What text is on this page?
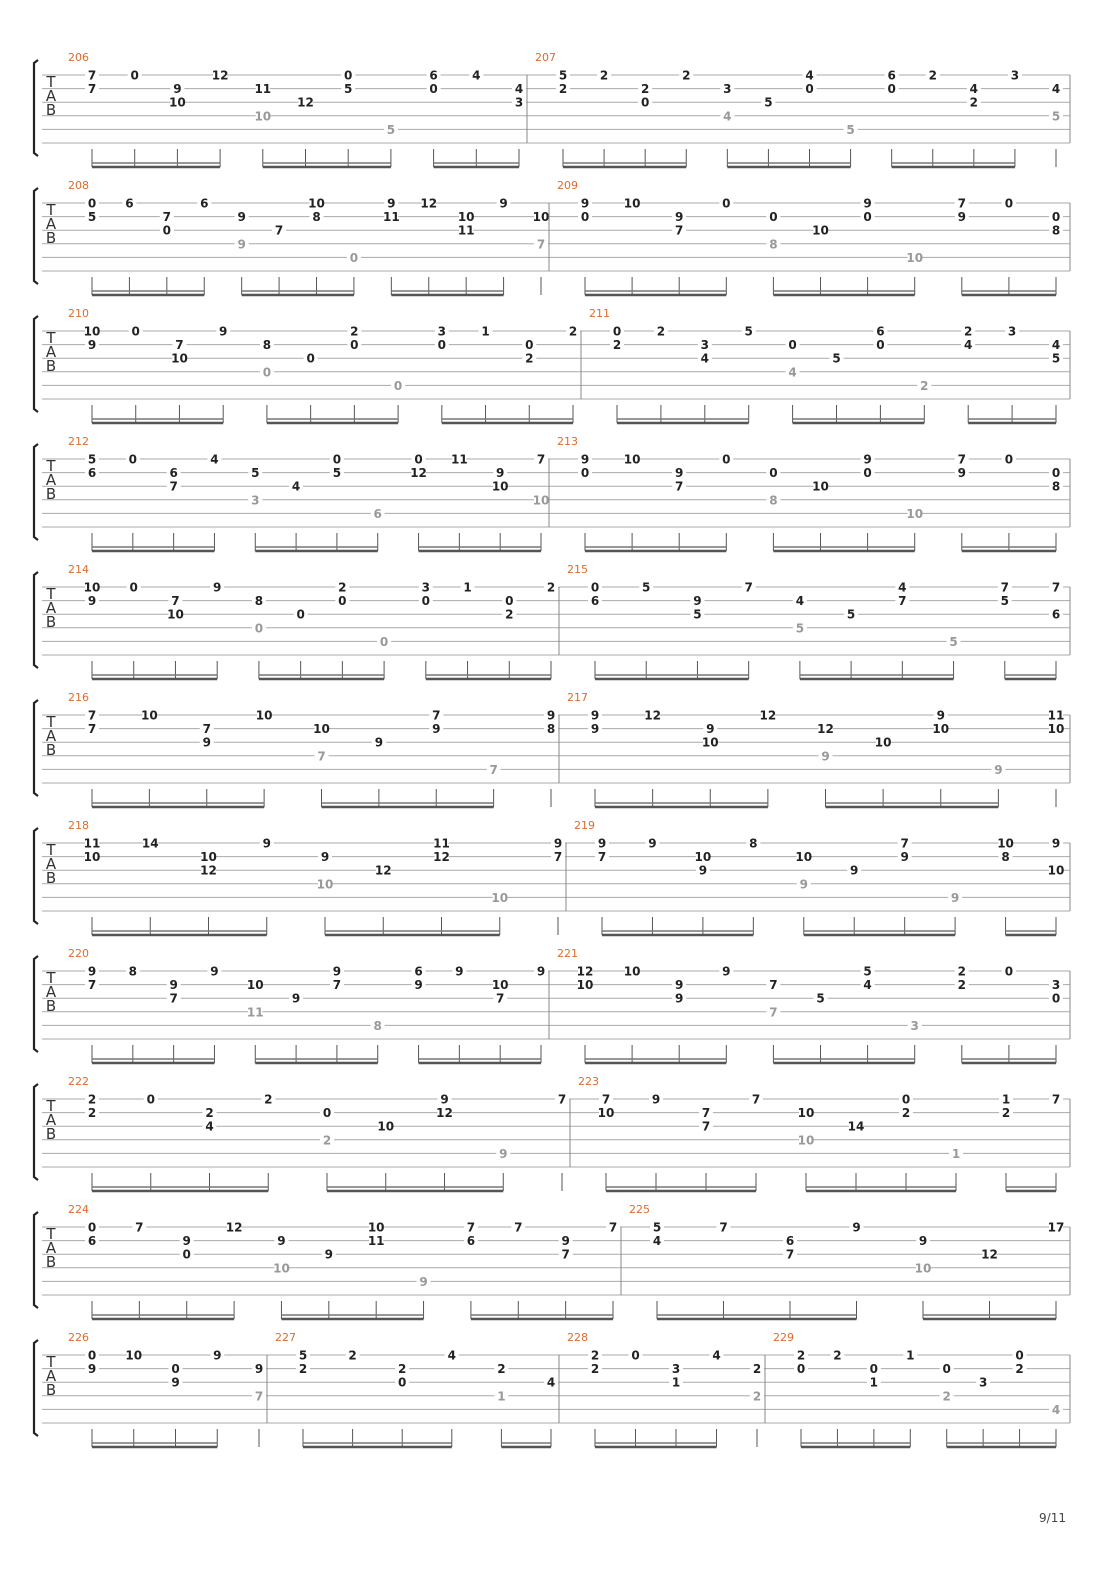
T
A
B
206
7
7
0
10
9
12
10
11
12
0
5
5
6
0
4
3
4
207
5
2
2
0
2
2
4
3
5
4
0
5
6
0
2
2
4
3
5
4
T
A
B
208
0
5
6
0
7
6
9
9
7
10
8
0
9
11
12
11
10
9
7
10
209
9
0
10
7
9
0
8
0
10
9
0
10
7
9
0
8
0
T
A
B
210
10
9
0
10
7
9
0
8
0
2
0
0
3
0
1
2
0
2
211
0
2
2
4
3
5
4
0
5
6
0
2
2
4
3
5
4
T
A
B
212
5
6
0
7
6
4
3
5
4
0
5
6
0
12
11
10
9
7
10
213
9
0
10
7
9
0
8
0
10
9
0
10
7
9
0
8
0
T
A
B
214
10
9
0
10
7
9
0
8
0
2
0
0
3
0
1
2
0
2
215
0
6
5
5
9
7
5
4
5
4
7
5
7
5
7
6
T
A
B
216
7
7
10
9
7
10
7
10
9
7
9
7
9
8
217
9
9
12
10
9
12
9
12
10
9
10
9
11
10
T
A
B
218
11
10
14
12
10
9
10
9
12
11
12
10
9
7
219
9
7
9
9
10
8
9
10
9
7
9
9
10
8
9
10
T
A
B
220
9
7
8
7
9
9
11
10
9
9
7
8
6
9
9
7
10
9
221
12
10
10
9
9
9
7
7
5
5
4
3
2
2
0
0
3
T
A
B
222
2
2
0
4
2
2
2
0
10
9
12
9
7
223
7
10
9
7
7
7
10
10
14
0
2
1
1
2
7
T
A
B
224
0
6
7
0
9
12
10
9
9
10
11
9
7
6
7
7
9
7
225
5
4
7
7
6
9
10
9
12
17
T
A
B
226
0
9
10
9
0
9
7
9
227
5
2
2
0
2
4
1
2
4
228
2
2
0
1
3
4
2
2
229
2
0
2
1
0
1
2
0
3
0
2
4
9/11
